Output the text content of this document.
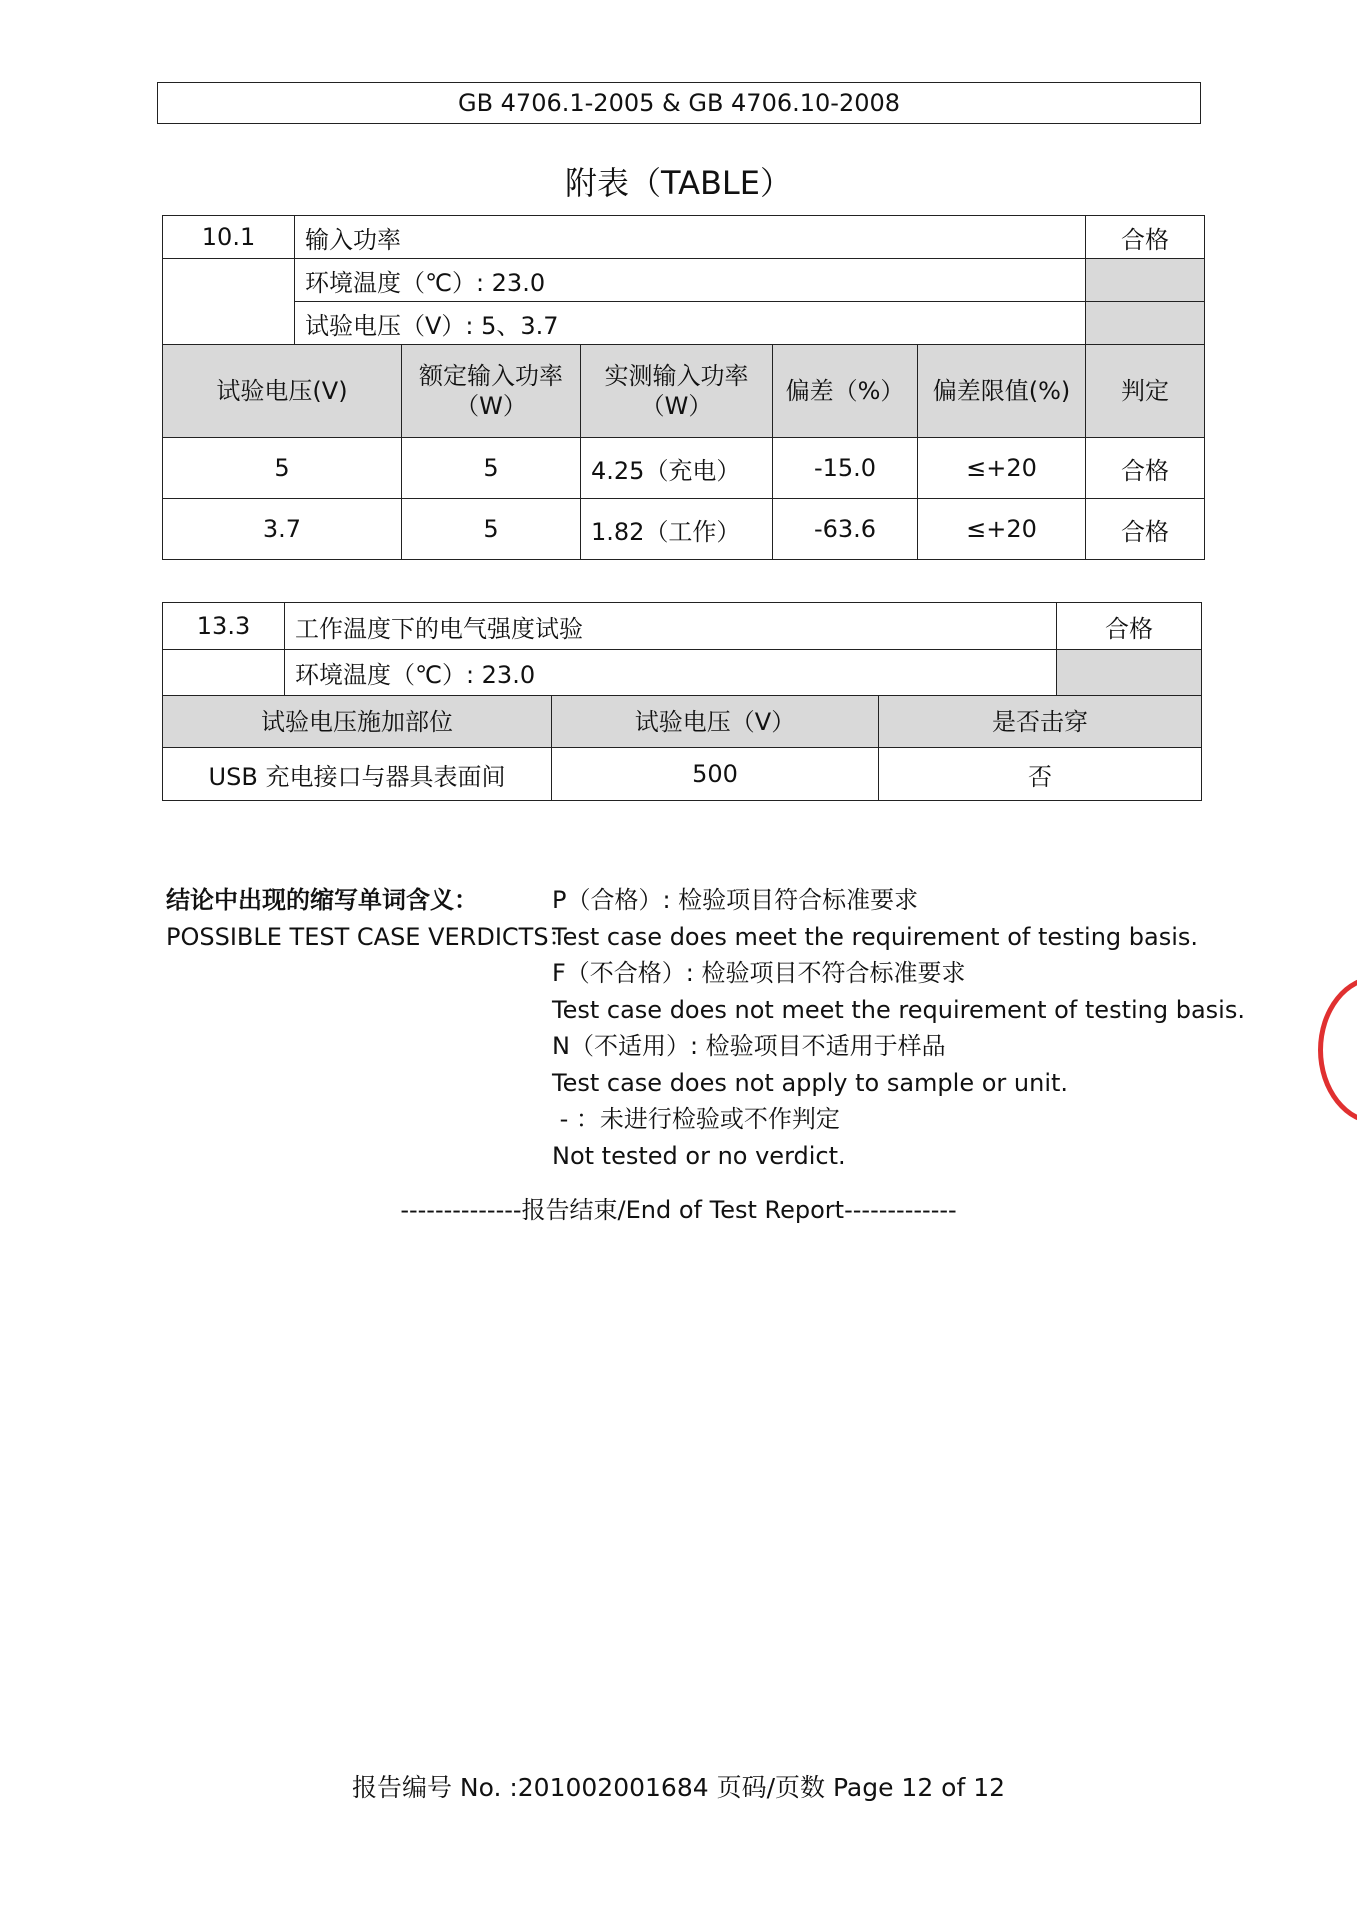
GB 4706.1-2005 & GB 4706.10-2008
附表（TABLE）
10.1	输入功率					合格
	环境温度（℃）: 23.0					
	试验电压（V）: 5、3.7					
试验电压(V)		额定输入功率（W）	实测输入功率（W）	偏差（%）	偏差限值(%)	判定
5		5	4.25（充电）	-15.0	≤+20	合格
3.7		5	1.82（工作）	-63.6	≤+20	合格
13.3	工作温度下的电气强度试验			合格
	环境温度（℃）: 23.0			
试验电压施加部位		试验电压（V）	是否击穿	
USB 充电接口与器具表面间		500	否	
结论中出现的缩写单词含义：
POSSIBLE TEST CASE VERDICTS：
P（合格）: 检验项目符合标准要求
Test case does meet the requirement of testing basis.
F（不合格）: 检验项目不符合标准要求
Test case does not meet the requirement of testing basis.
N（不适用）: 检验项目不适用于样品
Test case does not apply to sample or unit.
- ：未进行检验或不作判定
Not tested or no verdict.
--------------报告结束/End of Test Report-------------
报告编号 No. :201002001684 页码/页数 Page 12 of 12
